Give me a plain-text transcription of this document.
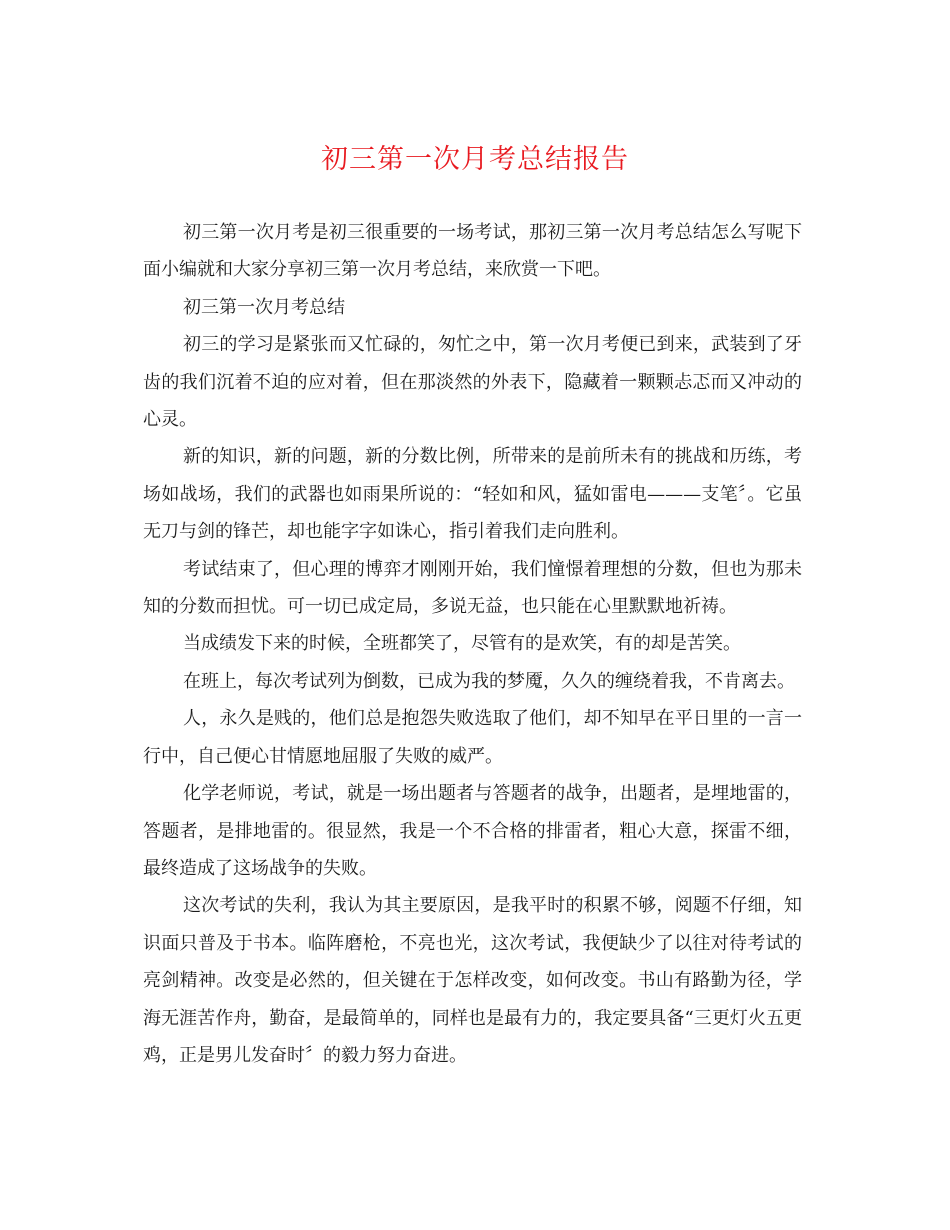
初三第一次月考总结报告

初三第一次月考是初三很重要的一场考试，那初三第一次月考总结怎么写呢下面小编就和大家分享初三第一次月考总结，来欣赏一下吧。

初三第一次月考总结

初三的学习是紧张而又忙碌的，匆忙之中，第一次月考便已到来，武装到了牙齿的我们沉着不迫的应对着，但在那淡然的外表下，隐藏着一颗颗忐忑而又冲动的心灵。

新的知识，新的问题，新的分数比例，所带来的是前所未有的挑战和历练，考场如战场，我们的武器也如雨果所说的：“轻如和风，猛如雷电———支笔〞。它虽无刀与剑的锋芒，却也能字字如诛心，指引着我们走向胜利。

考试结束了，但心理的博弈才刚刚开始，我们憧憬着理想的分数，但也为那未知的分数而担忧。可一切已成定局，多说无益，也只能在心里默默地祈祷。

当成绩发下来的时候，全班都笑了，尽管有的是欢笑，有的却是苦笑。

在班上，每次考试列为倒数，已成为我的梦魇，久久的缠绕着我，不肯离去。

人，永久是贱的，他们总是抱怨失败选取了他们，却不知早在平日里的一言一行中，自己便心甘情愿地屈服了失败的威严。

化学老师说，考试，就是一场出题者与答题者的战争，出题者，是埋地雷的，答题者，是排地雷的。很显然，我是一个不合格的排雷者，粗心大意，探雷不细，最终造成了这场战争的失败。

这次考试的失利，我认为其主要原因，是我平时的积累不够，阅题不仔细，知识面只普及于书本。临阵磨枪，不亮也光，这次考试，我便缺少了以往对待考试的亮剑精神。改变是必然的，但关键在于怎样改变，如何改变。书山有路勤为径，学海无涯苦作舟，勤奋，是最简单的，同样也是最有力的，我定要具备“三更灯火五更鸡，正是男儿发奋时〞的毅力努力奋进。
